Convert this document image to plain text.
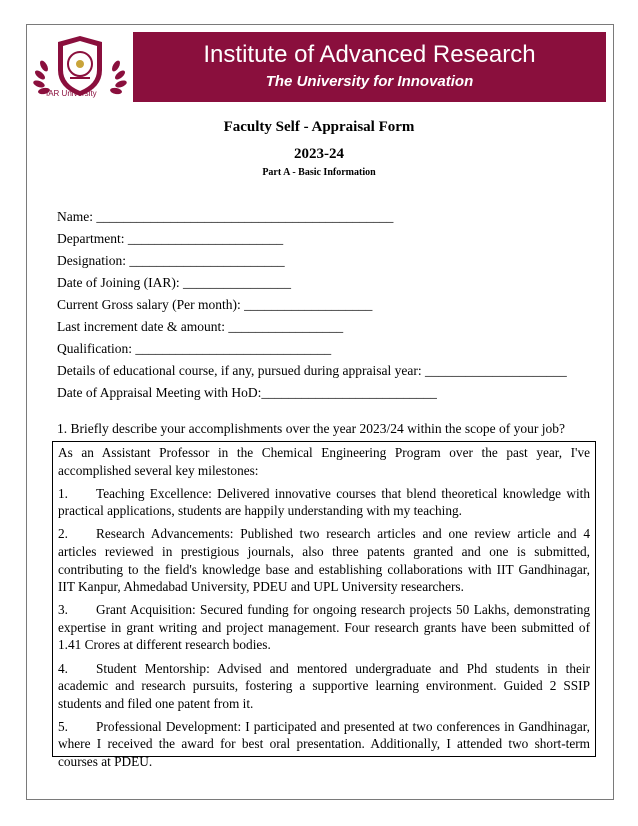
IAR University
Institute of Advanced Research
The University for Innovation
Faculty Self - Appraisal Form
2023-24
Part A - Basic Information
Name: ____________________________________________
Department: _______________________
Designation: _______________________
Date of Joining (IAR): ________________
Current Gross salary (Per month): ___________________
Last increment date & amount: _________________
Qualification: _____________________________
Details of educational course, if any, pursued during appraisal year: _____________________
Date of Appraisal Meeting with HoD:__________________________
1. Briefly describe your accomplishments over the year 2023/24 within the scope of your job?

As an Assistant Professor in the Chemical Engineering Program over the past year, I've accomplished several key milestones:

1. Teaching Excellence: Delivered innovative courses that blend theoretical knowledge with practical applications, students are happily understanding with my teaching.

2. Research Advancements: Published two research articles and one review article and 4 articles reviewed in prestigious journals, also three patents granted and one is submitted, contributing to the field's knowledge base and establishing collaborations with IIT Gandhinagar, IIT Kanpur, Ahmedabad University, PDEU and UPL University researchers.

3. Grant Acquisition: Secured funding for ongoing research projects 50 Lakhs, demonstrating expertise in grant writing and project management. Four research grants have been submitted of 1.41 Crores at different research bodies.

4. Student Mentorship: Advised and mentored undergraduate and Phd students in their academic and research pursuits, fostering a supportive learning environment. Guided 2 SSIP students and filed one patent from it.

5. Professional Development: I participated and presented at two conferences in Gandhinagar, where I received the award for best oral presentation. Additionally, I attended two short-term courses at PDEU.
